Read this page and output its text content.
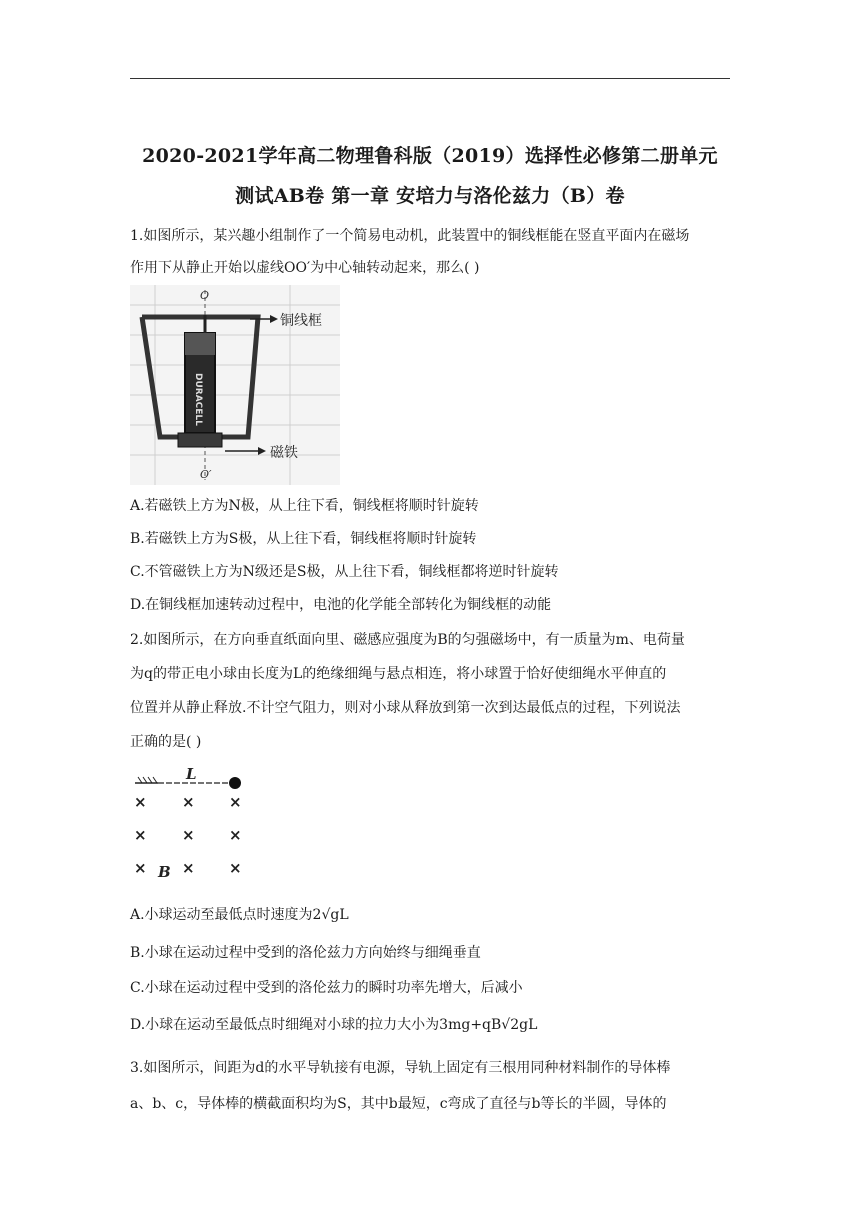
2020-2021学年高二物理鲁科版（2019）选择性必修第二册单元
测试AB卷 第一章 安培力与洛伦兹力（B）卷
1.如图所示，某兴趣小组制作了一个简易电动机，此装置中的铜线框能在竖直平面内在磁场
作用下从静止开始以虚线OO′为中心轴转动起来，那么( )
DURACELL
O
O′
铜线框
磁铁
A.若磁铁上方为N极，从上往下看，铜线框将顺时针旋转
B.若磁铁上方为S极，从上往下看，铜线框将顺时针旋转
C.不管磁铁上方为N级还是S极，从上往下看，铜线框都将逆时针旋转
D.在铜线框加速转动过程中，电池的化学能全部转化为铜线框的动能
2.如图所示，在方向垂直纸面向里、磁感应强度为B的匀强磁场中，有一质量为m、电荷量
为q的带正电小球由长度为L的绝缘细绳与悬点相连，将小球置于恰好使细绳水平伸直的
位置并从静止释放.不计空气阻力，则对小球从释放到第一次到达最低点的过程，下列说法
正确的是( )
L
× × ×
× × ×
× × ×
B
A.小球运动至最低点时速度为2√gL
B.小球在运动过程中受到的洛伦兹力方向始终与细绳垂直
C.小球在运动过程中受到的洛伦兹力的瞬时功率先增大，后减小
D.小球在运动至最低点时细绳对小球的拉力大小为3mg+qB√2gL
3.如图所示，间距为d的水平导轨接有电源，导轨上固定有三根用同种材料制作的导体棒
a、b、c，导体棒的横截面积均为S，其中b最短，c弯成了直径与b等长的半圆，导体的
